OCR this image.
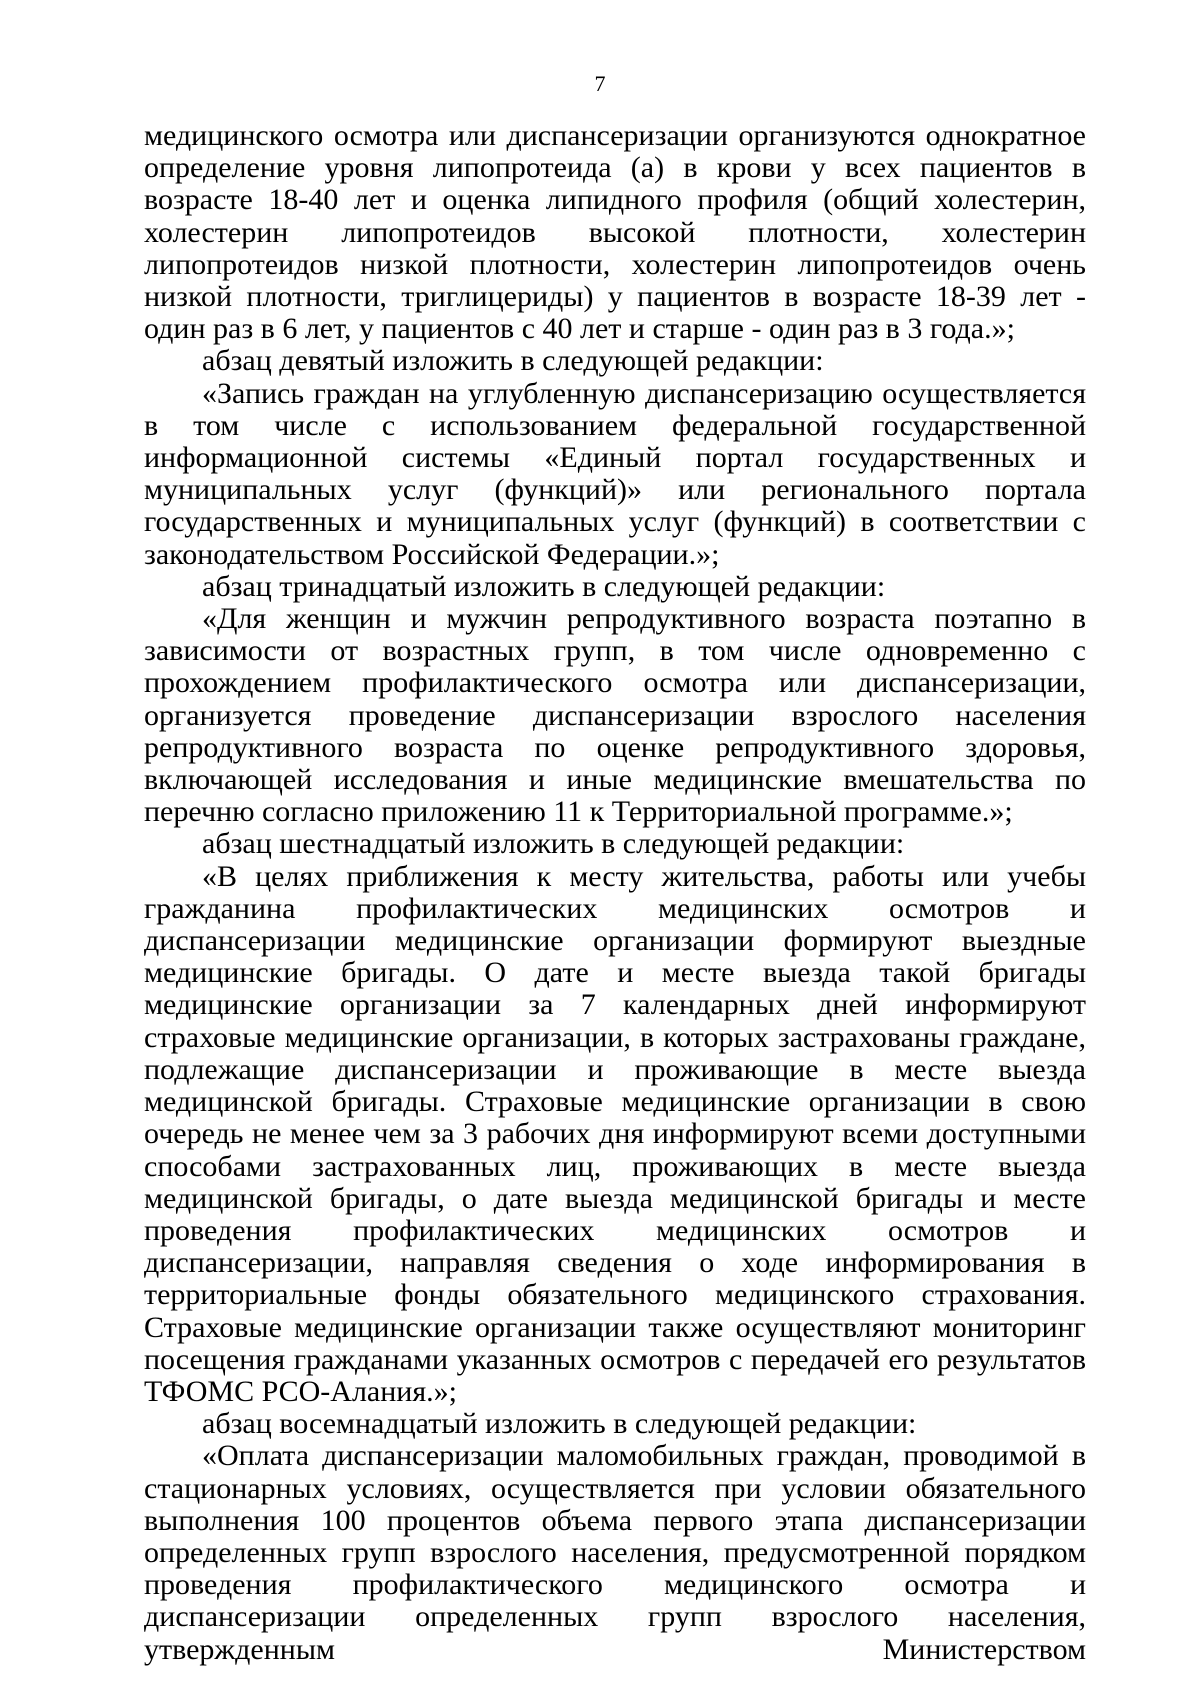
7

медицинского осмотра или диспансеризации организуются однократное определение уровня липопротеида (а) в крови у всех пациентов в возрасте 18-40 лет и оценка липидного профиля (общий холестерин, холестерин липопротеидов высокой плотности, холестерин липопротеидов низкой плотности, холестерин липопротеидов очень низкой плотности, триглицериды) у пациентов в возрасте 18-39 лет - один раз в 6 лет, у пациентов с 40 лет и старше - один раз в 3 года.»;

абзац девятый изложить в следующей редакции:

«Запись граждан на углубленную диспансеризацию осуществляется в том числе с использованием федеральной государственной информационной системы «Единый портал государственных и муниципальных услуг (функций)» или регионального портала государственных и муниципальных услуг (функций) в соответствии с законодательством Российской Федерации.»;

абзац тринадцатый изложить в следующей редакции:

«Для женщин и мужчин репродуктивного возраста поэтапно в зависимости от возрастных групп, в том числе одновременно с прохождением профилактического осмотра или диспансеризации, организуется проведение диспансеризации взрослого населения репродуктивного возраста по оценке репродуктивного здоровья, включающей исследования и иные медицинские вмешательства по перечню согласно приложению 11 к Территориальной программе.»;

абзац шестнадцатый изложить в следующей редакции:

«В целях приближения к месту жительства, работы или учебы гражданина профилактических медицинских осмотров и диспансеризации медицинские организации формируют выездные медицинские бригады. О дате и месте выезда такой бригады медицинские организации за 7 календарных дней информируют страховые медицинские организации, в которых застрахованы граждане, подлежащие диспансеризации и проживающие в месте выезда медицинской бригады. Страховые медицинские организации в свою очередь не менее чем за 3 рабочих дня информируют всеми доступными способами застрахованных лиц, проживающих в месте выезда медицинской бригады, о дате выезда медицинской бригады и месте проведения профилактических медицинских осмотров и диспансеризации, направляя сведения о ходе информирования в территориальные фонды обязательного медицинского страхования. Страховые медицинские организации также осуществляют мониторинг посещения гражданами указанных осмотров с передачей его результатов ТФОМС РСО-Алания.»;

абзац восемнадцатый изложить в следующей редакции:

«Оплата диспансеризации маломобильных граждан, проводимой в стационарных условиях, осуществляется при условии обязательного выполнения 100 процентов объема первого этапа диспансеризации определенных групп взрослого населения, предусмотренной порядком проведения профилактического медицинского осмотра и диспансеризации определенных групп взрослого населения, утвержденным Министерством
